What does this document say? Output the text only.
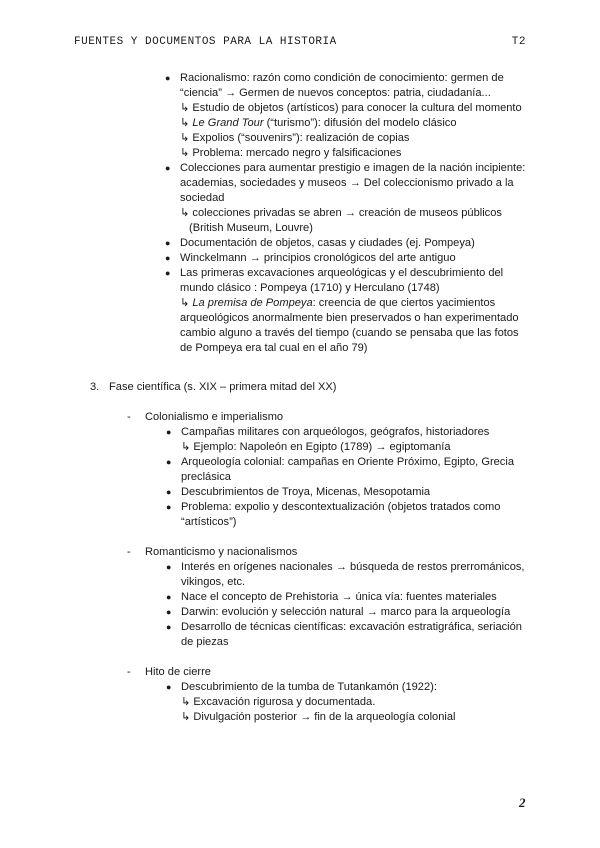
FUENTES Y DOCUMENTOS PARA LA HISTORIA	T2
● Racionalismo: razón como condición de conocimiento: germen de
“ciencia” → Germen de nuevos conceptos: patria, ciudadanía...
↳ Estudio de objetos (artísticos) para conocer la cultura del momento
↳ Le Grand Tour (“turismo”): difusión del modelo clásico
↳ Expolios (“souvenirs”): realización de copias
↳ Problema: mercado negro y falsificaciones
● Colecciones para aumentar prestigio e imagen de la nación incipiente:
academias, sociedades y museos → Del coleccionismo privado a la
sociedad
↳ colecciones privadas se abren → creación de museos públicos
(British Museum, Louvre)
● Documentación de objetos, casas y ciudades (ej. Pompeya)
● Winckelmann → principios cronológicos del arte antiguo
● Las primeras excavaciones arqueológicas y el descubrimiento del
mundo clásico : Pompeya (1710) y Herculano (1748)
↳ La premisa de Pompeya: creencia de que ciertos yacimientos
arqueológicos anormalmente bien preservados o han experimentado
cambio alguno a través del tiempo (cuando se pensaba que las fotos
de Pompeya era tal cual en el año 79)
3. Fase científica (s. XIX – primera mitad del XX)
- Colonialismo e imperialismo
● Campañas militares con arqueólogos, geógrafos, historiadores
↳ Ejemplo: Napoleón en Egipto (1789) → egiptomanía
● Arqueología colonial: campañas en Oriente Próximo, Egipto, Grecia
preclásica
● Descubrimientos de Troya, Micenas, Mesopotamia
● Problema: expolio y descontextualización (objetos tratados como
“artísticos”)
- Romanticismo y nacionalismos
● Interés en orígenes nacionales → búsqueda de restos prerrománicos,
vikingos, etc.
● Nace el concepto de Prehistoria → única vía: fuentes materiales
● Darwin: evolución y selección natural → marco para la arqueología
● Desarrollo de técnicas científicas: excavación estratigráfica, seriación
de piezas
- Hito de cierre
● Descubrimiento de la tumba de Tutankamón (1922):
↳ Excavación rigurosa y documentada.
↳ Divulgación posterior → fin de la arqueología colonial
2
